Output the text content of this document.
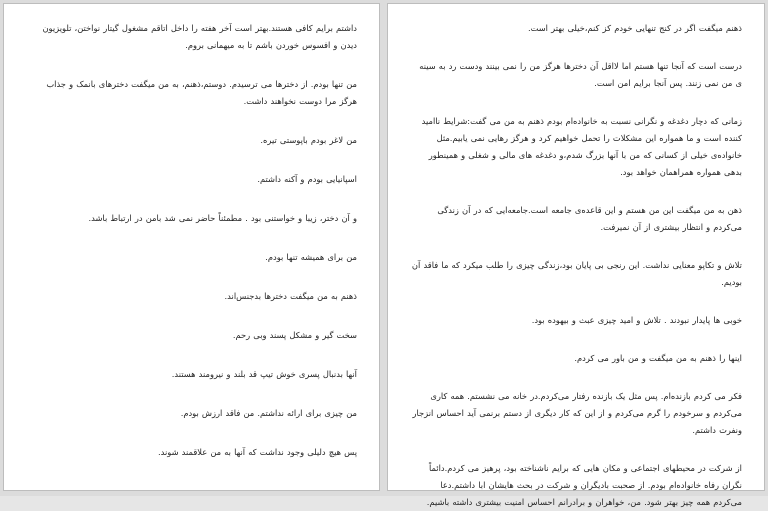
داشتم برایم کافی هستند.بهتر است آخر هفته را داخل اتاقم مشغول گیتار نواختن، تلویزیون دیدن و افسوس خوردن باشم تا به میهمانی بروم.

من تنها بودم. از دخترها می ترسیدم. دوستم،ذهنم، به من میگفت دخترهای بانمک و جذاب هرگز مرا دوست نخواهند داشت.

من لاغر بودم باپوستی تیره.

اسپانیایی بودم و آکنه داشتم.

و آن دختر، زیبا و خواستنی بود . مطمئناً حاضر نمی شد بامن در ارتباط باشد.

من برای همیشه تنها بودم.

ذهنم به من میگفت دخترها بدجنس‌اند.

سخت گیر و مشکل پسند وبی رحم.

آنها بدنبال پسری خوش تیپ قد بلند و نیرومند هستند.

من چیزی برای ارائه نداشتم. من فاقد ارزش بودم.

پس هیچ دلیلی وجود نداشت که آنها به من علاقمند شوند.

ذهنم میگفت اگر در کنج تنهایی خودم کز کنم،خیلی بهتر است.

درست است که آنجا تنها هستم اما لااقل آن دخترها هرگز من را نمی بینند ودست رد به سینه ی من نمی زنند. پس آنجا برایم امن است.

زمانی که دچار دغدغه و نگرانی نسبت به خانواده‌ام بودم ذهنم به من می گفت:شرایط ناامید کننده است و ما همواره این مشکلات را تحمل خواهیم کرد و هرگز رهایی نمی یابیم.مثل خانواده‌ی خیلی از کسانی که من با آنها بزرگ شدم،و دغدغه های مالی و شغلی و همینطور بدهی همواره همراهمان خواهد بود.

ذهن به من میگفت این من هستم و این قاعده‌ی جامعه است.جامعه‌ایی که در آن زندگی می‌کردم و انتظار بیشتری از آن نمیرفت.

تلاش و تکاپو معنایی نداشت. این رنجی بی پایان بود،زندگی چیزی را طلب میکرد که ما فاقد آن بودیم.

خوبی ها پایدار نبودند . تلاش و امید چیزی عبث و بیهوده بود.

اینها را ذهنم به من میگفت و من باور می کردم.

فکر می کردم بازنده‌ام. پس مثل یک بازنده رفتار می‌کردم.در خانه می نشستم. همه کاری می‌کردم و سرخودم را گرم می‌کردم و از این که کار دیگری از دستم برنمی آید احساس انزجار ونفرت داشتم.

از شرکت در محیطهای اجتماعی و مکان هایی که برایم ناشناخته بود، پرهیز می کردم.دائماً نگران رفاه خانواده‌ام بودم. از صحبت بادیگران و شرکت در بحث هایشان ابا داشتم.دعا می‌کردم همه چیز بهتر شود. من، خواهران و برادرانم احساس امنیت بیشتری داشته باشیم.
